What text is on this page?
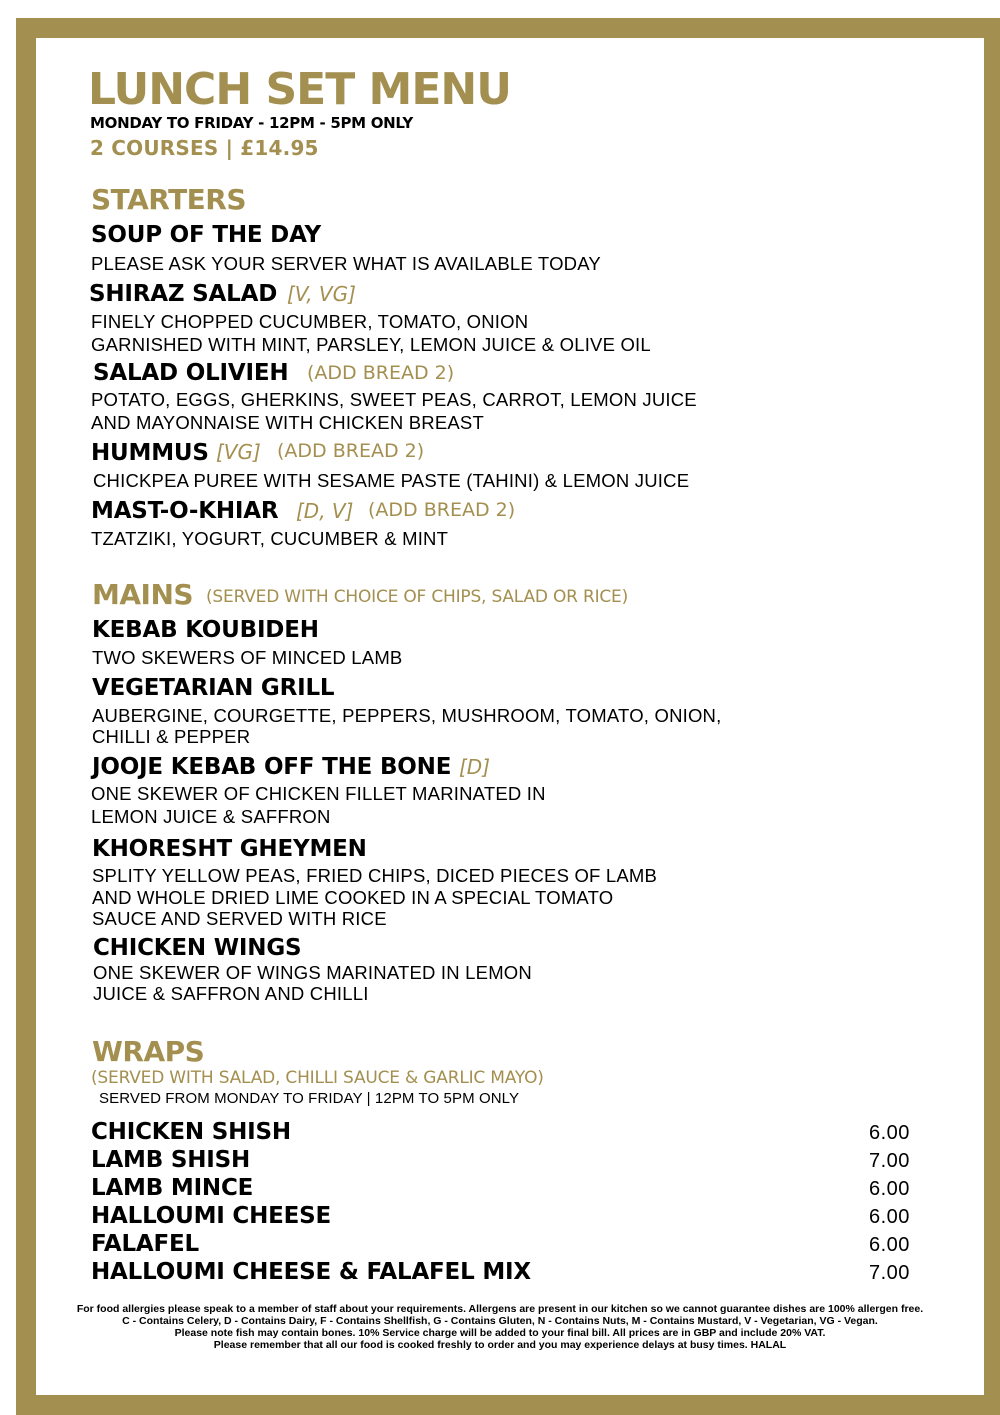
LUNCH SET MENU
MONDAY TO FRIDAY - 12PM - 5PM ONLY
2 COURSES | £14.95
STARTERS
SOUP OF THE DAY
PLEASE ASK YOUR SERVER WHAT IS AVAILABLE TODAY
SHIRAZ SALAD [V, VG]
FINELY CHOPPED CUCUMBER, TOMATO, ONION
GARNISHED WITH MINT, PARSLEY, LEMON JUICE & OLIVE OIL
SALAD OLIVIEH (ADD BREAD 2)
POTATO, EGGS, GHERKINS, SWEET PEAS, CARROT, LEMON JUICE
AND MAYONNAISE WITH CHICKEN BREAST
HUMMUS [VG] (ADD BREAD 2)
CHICKPEA PUREE WITH SESAME PASTE (TAHINI) & LEMON JUICE
MAST-O-KHIAR [D, V] (ADD BREAD 2)
TZATZIKI, YOGURT, CUCUMBER & MINT
MAINS (SERVED WITH CHOICE OF CHIPS, SALAD OR RICE)
KEBAB KOUBIDEH
TWO SKEWERS OF MINCED LAMB
VEGETARIAN GRILL
AUBERGINE, COURGETTE, PEPPERS, MUSHROOM, TOMATO, ONION,
CHILLI & PEPPER
JOOJE KEBAB OFF THE BONE [D]
ONE SKEWER OF CHICKEN FILLET MARINATED IN
LEMON JUICE & SAFFRON
KHORESHT GHEYMEN
SPLITY YELLOW PEAS, FRIED CHIPS, DICED PIECES OF LAMB
AND WHOLE DRIED LIME COOKED IN A SPECIAL TOMATO
SAUCE AND SERVED WITH RICE
CHICKEN WINGS
ONE SKEWER OF WINGS MARINATED IN LEMON
JUICE & SAFFRON AND CHILLI
WRAPS
(SERVED WITH SALAD, CHILLI SAUCE & GARLIC MAYO)
SERVED FROM MONDAY TO FRIDAY | 12PM TO 5PM ONLY
CHICKEN SHISH	6.00
LAMB SHISH	7.00
LAMB MINCE	6.00
HALLOUMI CHEESE	6.00
FALAFEL	6.00
HALLOUMI CHEESE & FALAFEL MIX	7.00
For food allergies please speak to a member of staff about your requirements. Allergens are present in our kitchen so we cannot guarantee dishes are 100% allergen free.
C - Contains Celery, D - Contains Dairy, F - Contains Shellfish, G - Contains Gluten, N - Contains Nuts, M - Contains Mustard, V - Vegetarian, VG - Vegan.
Please note fish may contain bones. 10% Service charge will be added to your final bill. All prices are in GBP and include 20% VAT.
Please remember that all our food is cooked freshly to order and you may experience delays at busy times. HALAL
